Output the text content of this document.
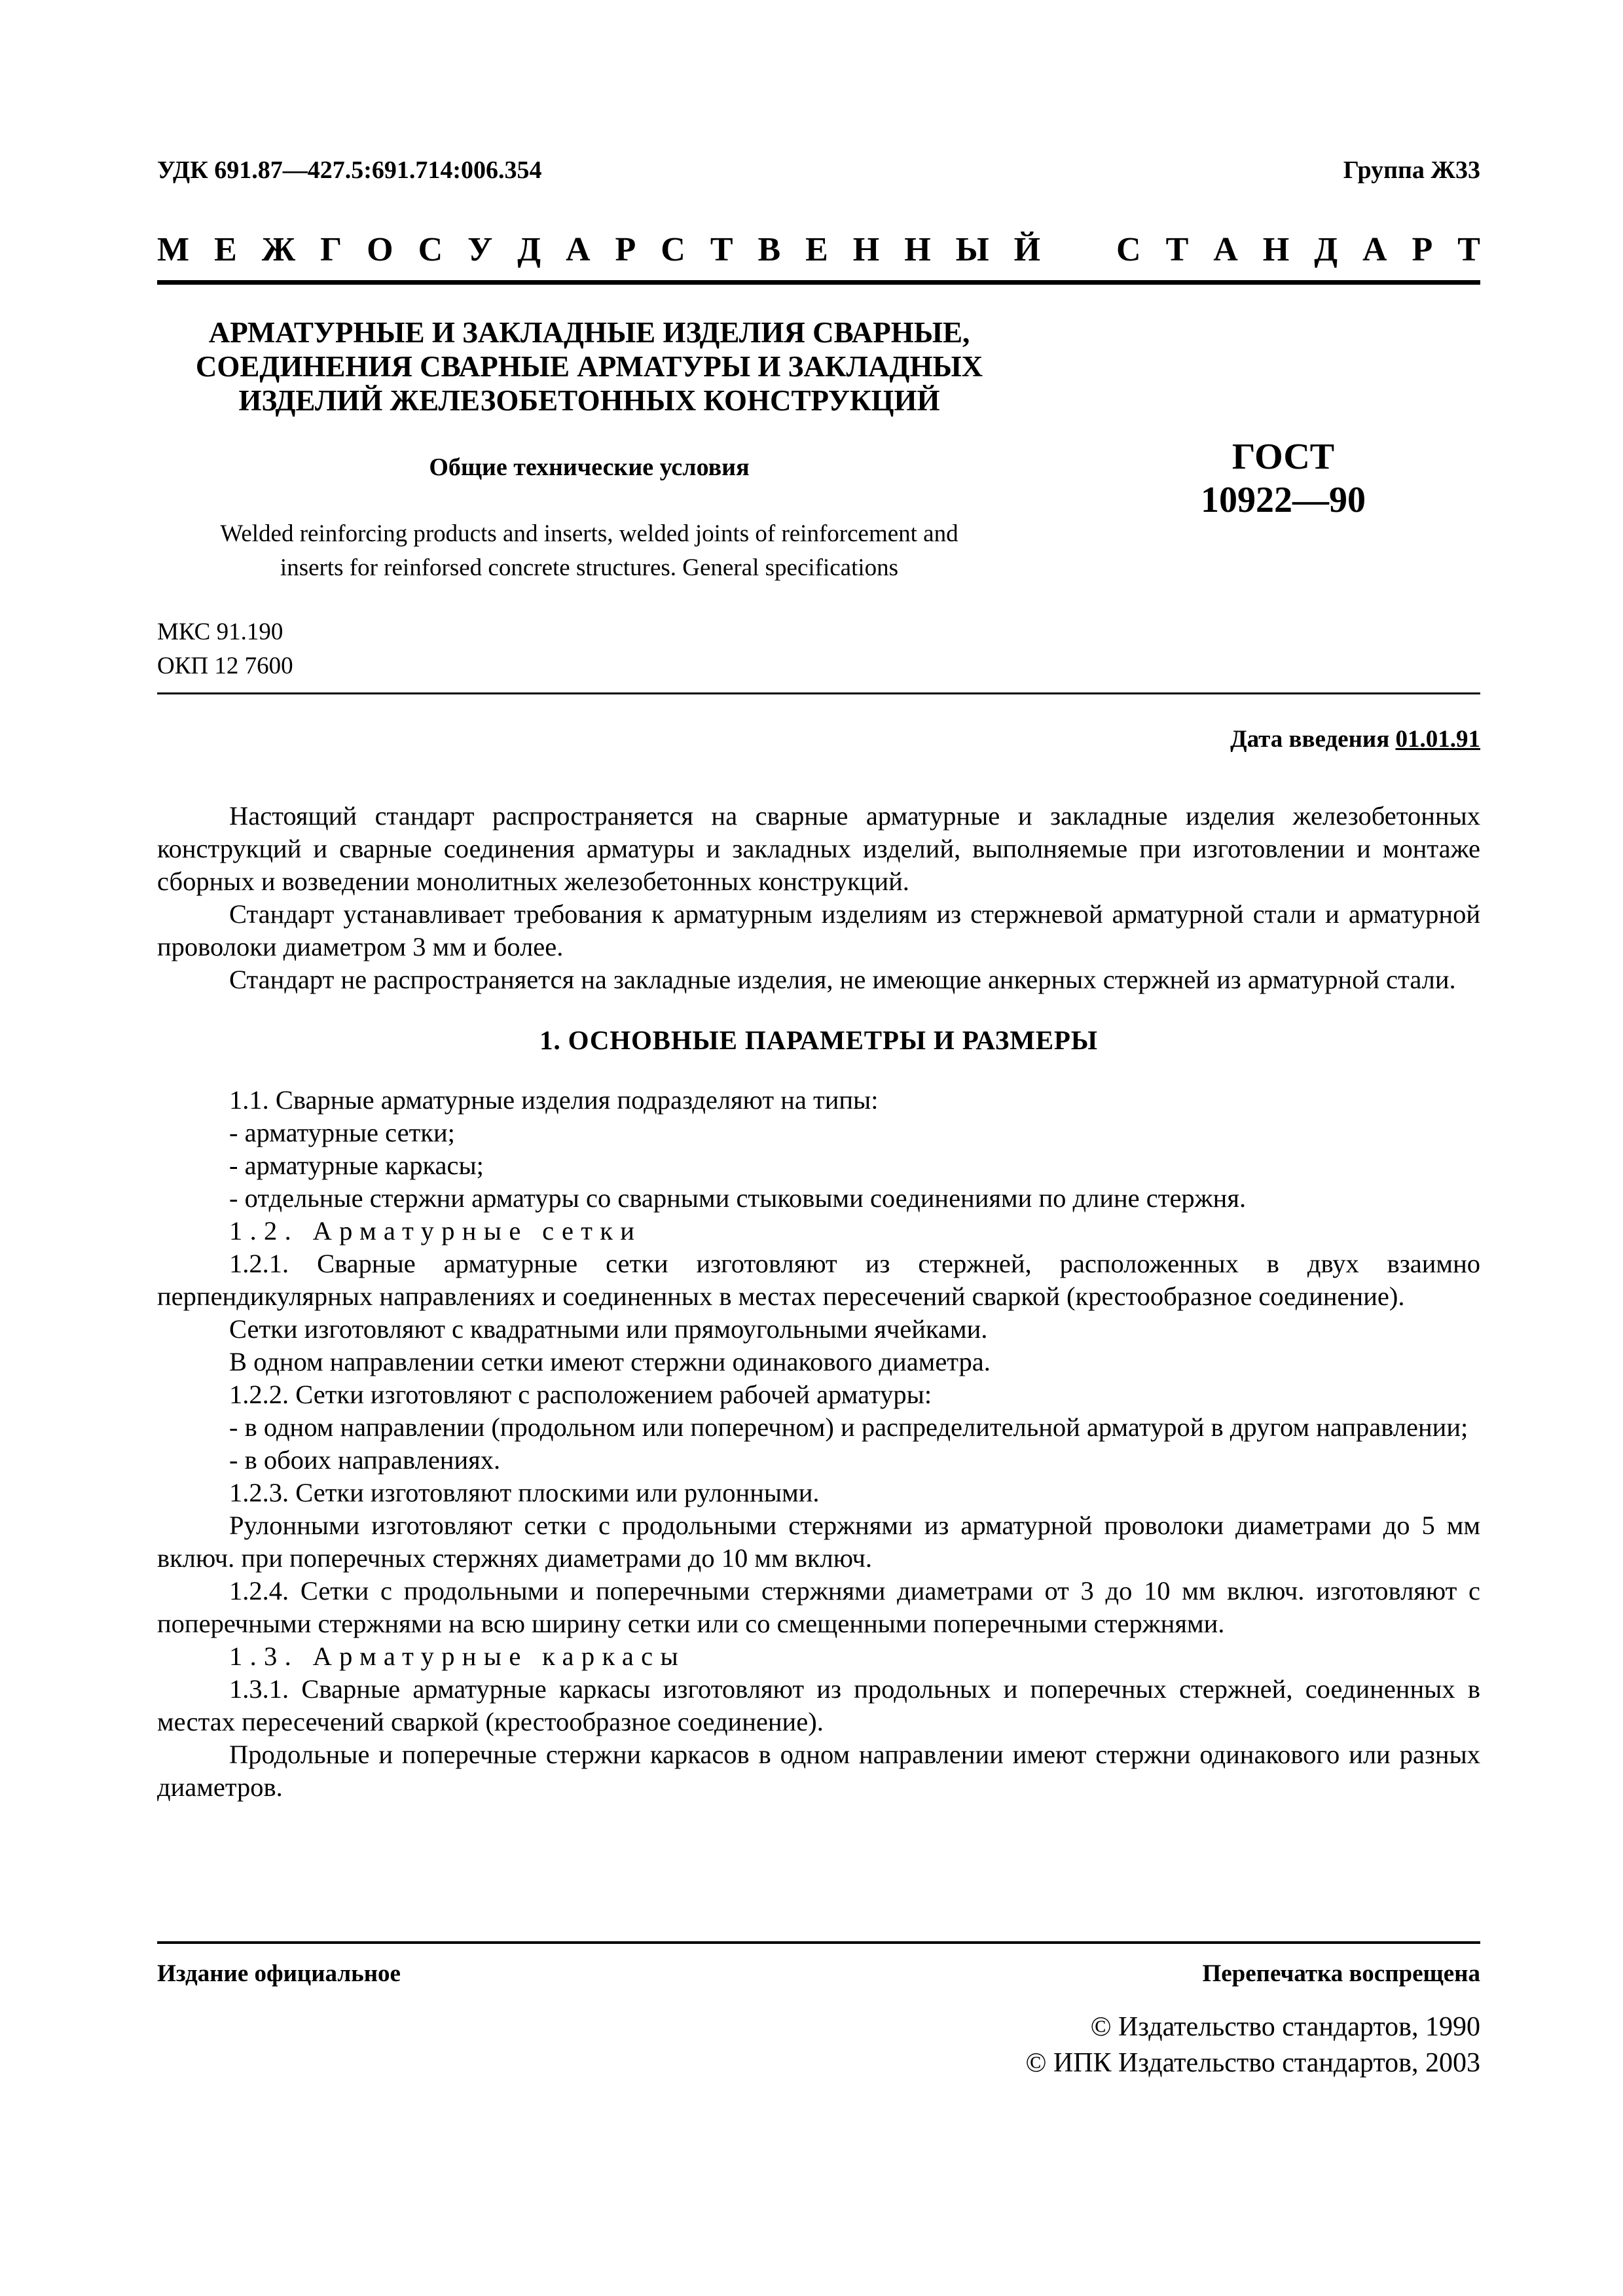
УДК 691.87—427.5:691.714:006.354	Группа Ж33
М Е Ж Г О С У Д А Р С Т В Е Н Н Ы Й С Т А Н Д А Р Т
АРМАТУРНЫЕ И ЗАКЛАДНЫЕ ИЗДЕЛИЯ СВАРНЫЕ,
СОЕДИНЕНИЯ СВАРНЫЕ АРМАТУРЫ И ЗАКЛАДНЫХ
ИЗДЕЛИЙ ЖЕЛЕЗОБЕТОННЫХ КОНСТРУКЦИЙ
Общие технические условия	ГОСТ
10922—90
Welded reinforcing products and inserts, welded joints of reinforcement and
inserts for reinforsed concrete structures. General specifications
МКС 91.190
ОКП 12 7600
Дата введения 01.01.91

Настоящий стандарт распространяется на сварные арматурные и закладные изделия железобетонных конструкций и сварные соединения арматуры и закладных изделий, выполняемые при изготовлении и монтаже сборных и возведении монолитных железобетонных конструкций.

Стандарт устанавливает требования к арматурным изделиям из стержневой арматурной стали и арматурной проволоки диаметром 3 мм и более.

Стандарт не распространяется на закладные изделия, не имеющие анкерных стержней из арматурной стали.

1. ОСНОВНЫЕ ПАРАМЕТРЫ И РАЗМЕРЫ

1.1. Сварные арматурные изделия подразделяют на типы:

- арматурные сетки;

- арматурные каркасы;

- отдельные стержни арматуры со сварными стыковыми соединениями по длине стержня.

1.2. Арматурные сетки

1.2.1. Сварные арматурные сетки изготовляют из стержней, расположенных в двух взаимно перпендикулярных направлениях и соединенных в местах пересечений сваркой (крестообразное соединение).

Сетки изготовляют с квадратными или прямоугольными ячейками.

В одном направлении сетки имеют стержни одинакового диаметра.

1.2.2. Сетки изготовляют с расположением рабочей арматуры:

- в одном направлении (продольном или поперечном) и распределительной арматурой в другом направлении;

- в обоих направлениях.

1.2.3. Сетки изготовляют плоскими или рулонными.

Рулонными изготовляют сетки с продольными стержнями из арматурной проволоки диаметрами до 5 мм включ. при поперечных стержнях диаметрами до 10 мм включ.

1.2.4. Сетки с продольными и поперечными стержнями диаметрами от 3 до 10 мм включ. изготовляют с поперечными стержнями на всю ширину сетки или со смещенными поперечными стержнями.

1.3. Арматурные каркасы

1.3.1. Сварные арматурные каркасы изготовляют из продольных и поперечных стержней, соединенных в местах пересечений сваркой (крестообразное соединение).

Продольные и поперечные стержни каркасов в одном направлении имеют стержни одинакового или разных диаметров.

Издание официальное	Перепечатка воспрещена
© Издательство стандартов, 1990
© ИПК Издательство стандартов, 2003
